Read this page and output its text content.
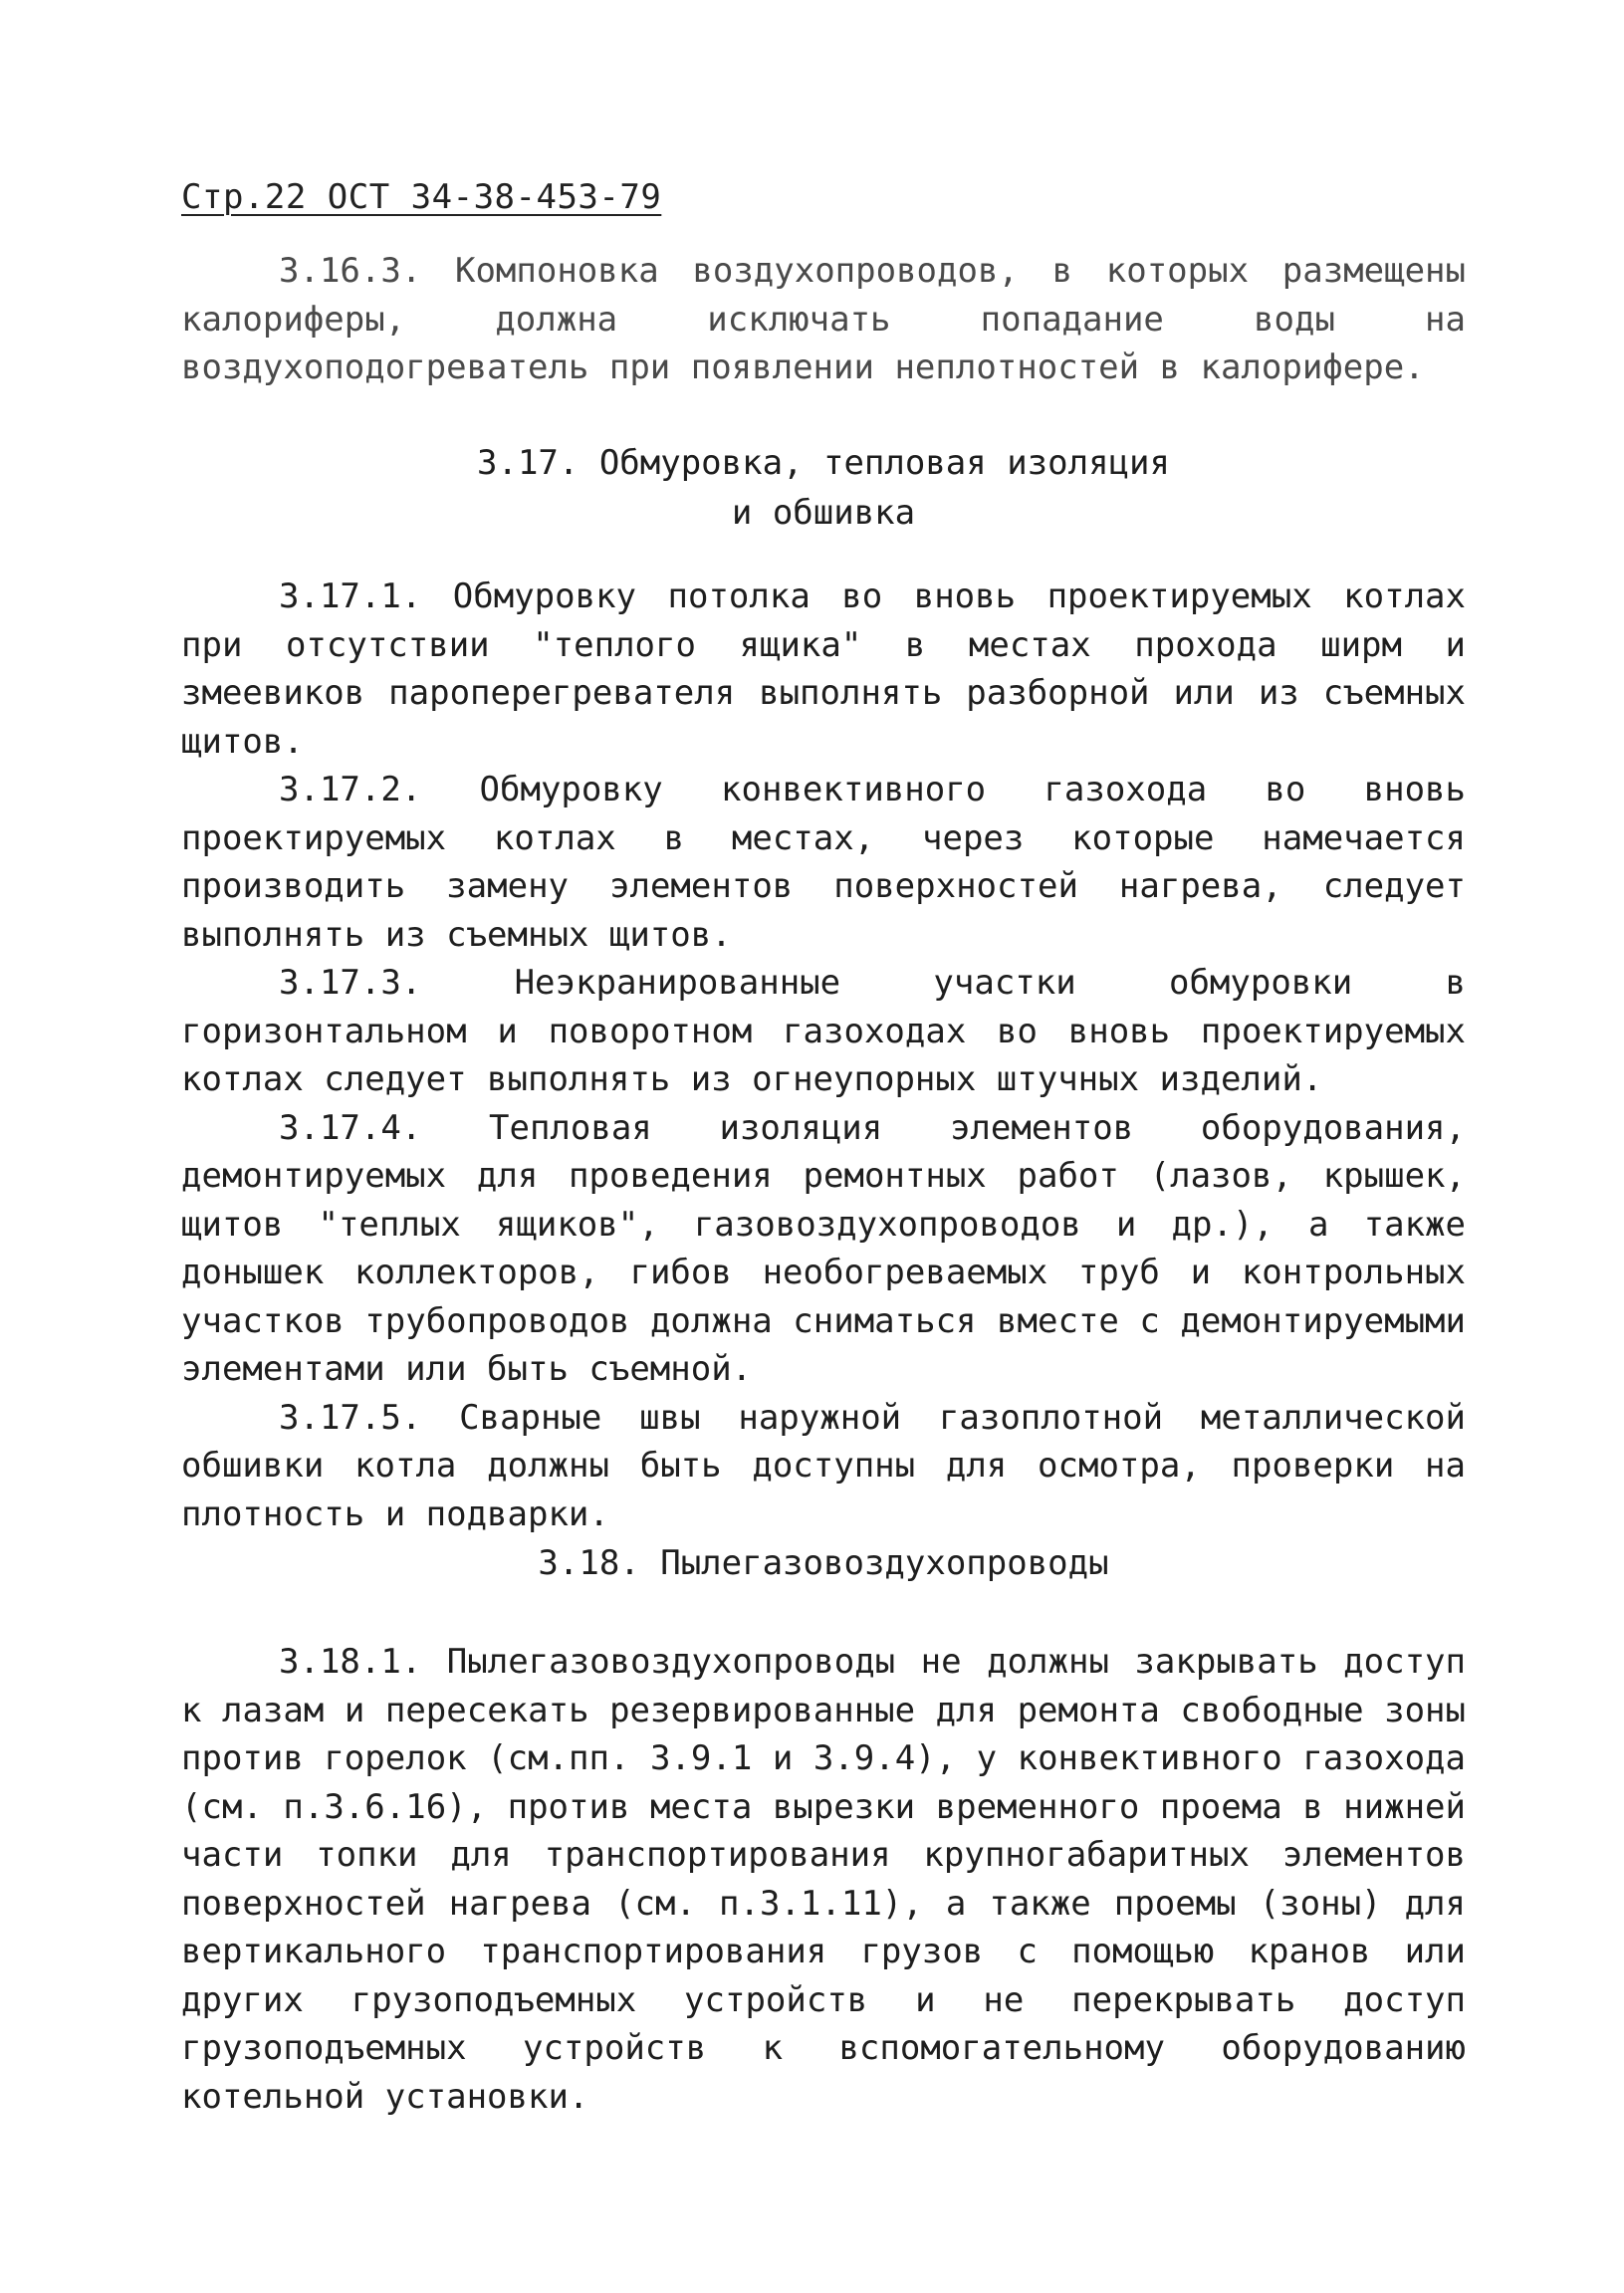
Стр.22 ОСТ 34-38-453-79

3.16.3. Компоновка воздухопроводов, в которых размещены калориферы, должна исключать попадание воды на воздухоподогреватель при появлении неплотностей в калорифере.

3.17. Обмуровка, тепловая изоляция
и обшивка

3.17.1. Обмуровку потолка во вновь проектируемых котлах при отсутствии "теплого ящика" в местах прохода ширм и змеевиков пароперегревателя выполнять разборной или из съемных щитов.

3.17.2. Обмуровку конвективного газохода во вновь проектируемых котлах в местах, через которые намечается производить замену элементов поверхностей нагрева, следует выполнять из съемных щитов.

3.17.3. Неэкранированные участки обмуровки в горизонтальном и поворотном газоходах во вновь проектируемых котлах следует выполнять из огнеупорных штучных изделий.

3.17.4. Тепловая изоляция элементов оборудования, демонтируемых для проведения ремонтных работ (лазов, крышек, щитов "теплых ящиков", газовоздухопроводов и др.), а также донышек коллекторов, гибов необогреваемых труб и контрольных участков трубопроводов должна сниматься вместе с демонтируемыми элементами или быть съемной.

3.17.5. Сварные швы наружной газоплотной металлической обшивки котла должны быть доступны для осмотра, проверки на плотность и подварки.

3.18. Пылегазовоздухопроводы

3.18.1. Пылегазовоздухопроводы не должны закрывать доступ к лазам и пересекать резервированные для ремонта свободные зоны против горелок (см.пп. 3.9.1 и 3.9.4), у конвективного газохода (см. п.3.6.16), против места вырезки временного проема в нижней части топки для транспортирования крупногабаритных элементов поверхностей нагрева (см. п.3.1.11), а также проемы (зоны) для вертикального транспортирования грузов с помощью кранов или других грузоподъемных устройств и не перекрывать доступ грузоподъемных устройств к вспомогательному оборудованию котельной установки.
